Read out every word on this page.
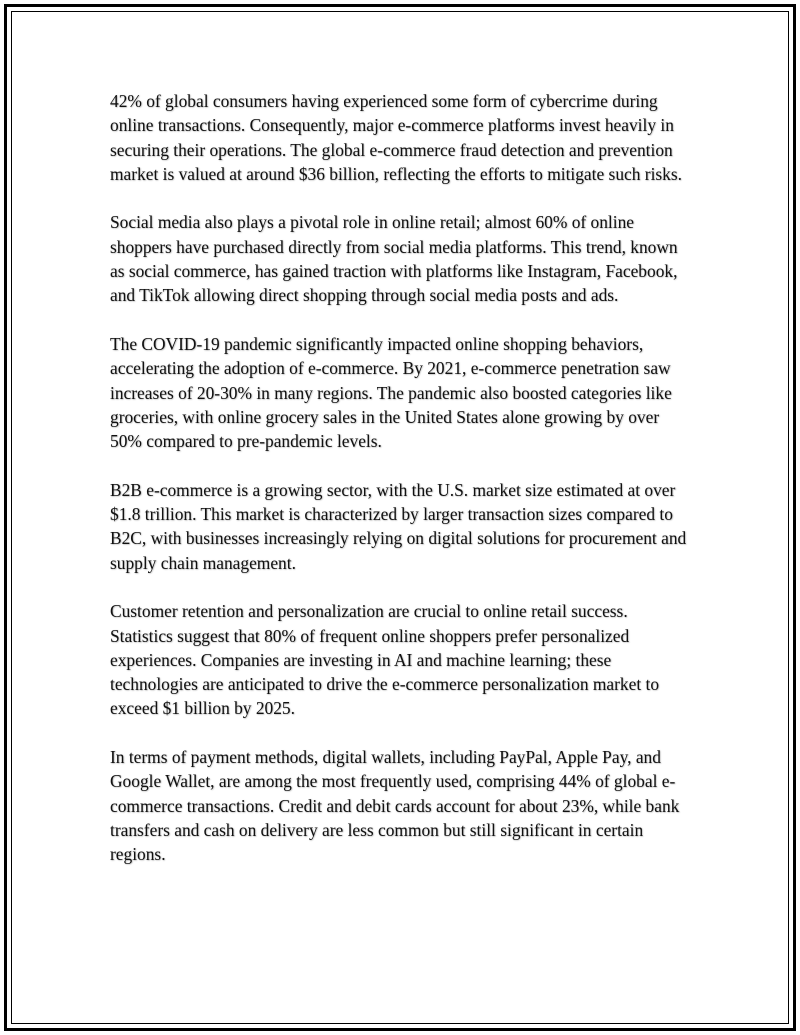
42% of global consumers having experienced some form of cybercrime during online transactions. Consequently, major e-commerce platforms invest heavily in securing their operations. The global e-commerce fraud detection and prevention market is valued at around $36 billion, reflecting the efforts to mitigate such risks.

Social media also plays a pivotal role in online retail; almost 60% of online shoppers have purchased directly from social media platforms. This trend, known as social commerce, has gained traction with platforms like Instagram, Facebook, and TikTok allowing direct shopping through social media posts and ads.

The COVID-19 pandemic significantly impacted online shopping behaviors, accelerating the adoption of e-commerce. By 2021, e-commerce penetration saw increases of 20-30% in many regions. The pandemic also boosted categories like groceries, with online grocery sales in the United States alone growing by over 50% compared to pre-pandemic levels.

B2B e-commerce is a growing sector, with the U.S. market size estimated at over $1.8 trillion. This market is characterized by larger transaction sizes compared to B2C, with businesses increasingly relying on digital solutions for procurement and supply chain management.

Customer retention and personalization are crucial to online retail success. Statistics suggest that 80% of frequent online shoppers prefer personalized experiences. Companies are investing in AI and machine learning; these technologies are anticipated to drive the e-commerce personalization market to exceed $1 billion by 2025.

In terms of payment methods, digital wallets, including PayPal, Apple Pay, and Google Wallet, are among the most frequently used, comprising 44% of global e-commerce transactions. Credit and debit cards account for about 23%, while bank transfers and cash on delivery are less common but still significant in certain regions.
